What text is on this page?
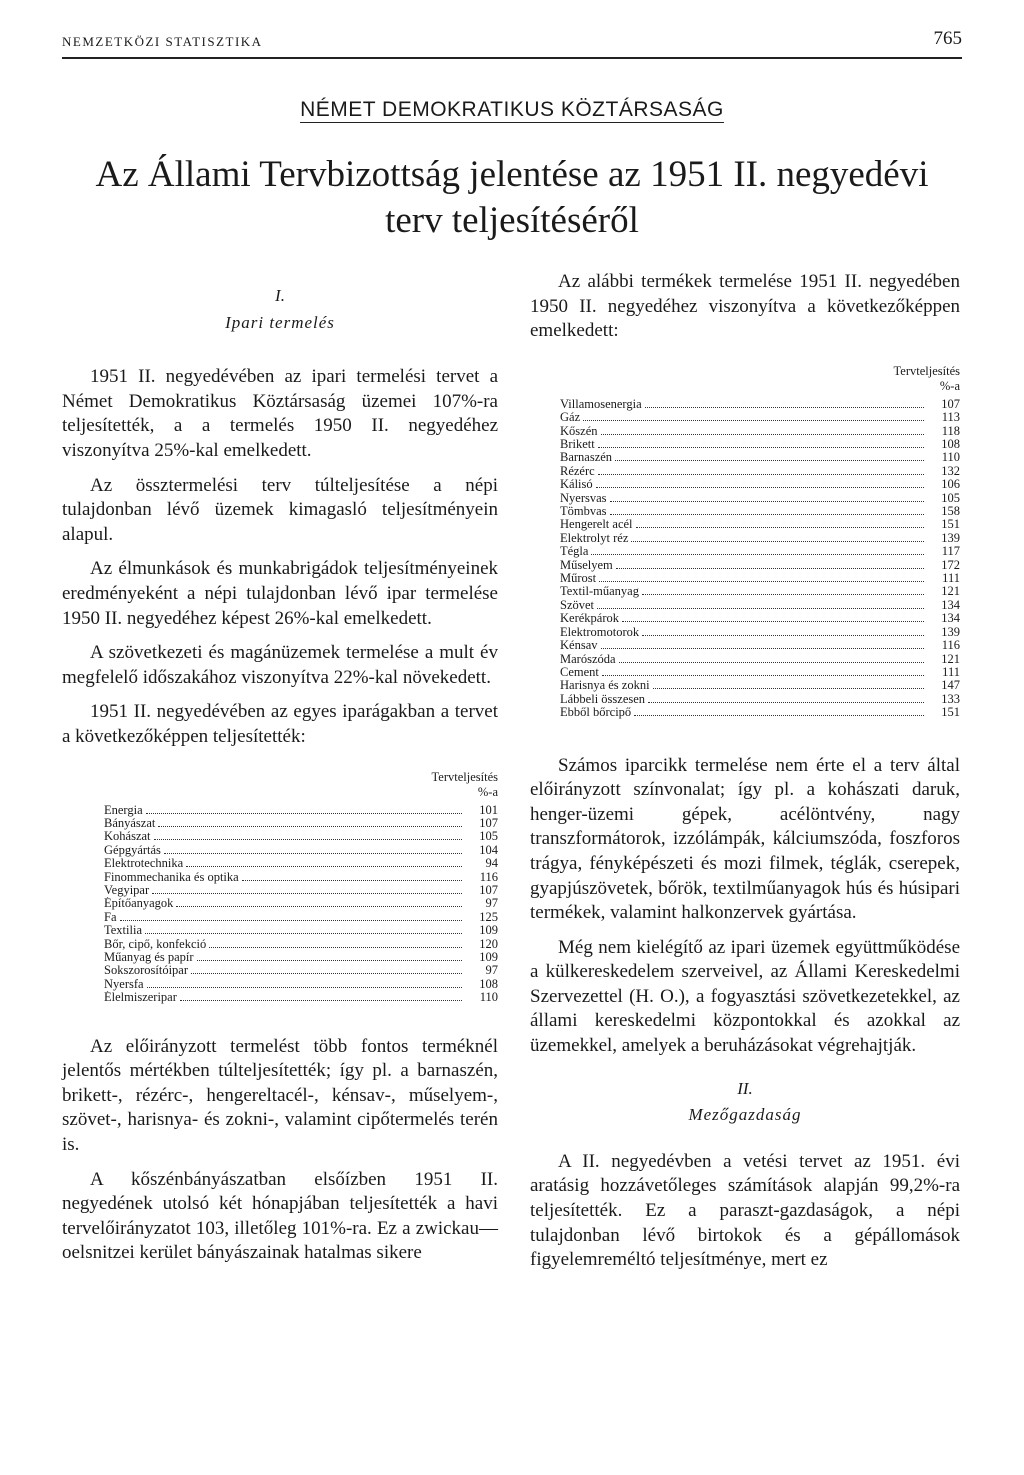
NEMZETKÖZI STATISZTIKA	765
NÉMET DEMOKRATIKUS KÖZTÁRSASÁG
Az Állami Tervbizottság jelentése az 1951 II. negyedévi
terv teljesítéséről
I.
Ipari termelés

1951 II. negyedévében az ipari termelési tervet a Német Demokratikus Köztársaság üzemei 107%-ra teljesítették, a a termelés 1950 II. negyedéhez viszonyítva 25%-kal emelkedett.

Az össztermelési terv túlteljesítése a népi tulajdonban lévő üzemek kimagasló teljesítményein alapul.

Az élmunkások és munkabrigádok teljesítményeinek eredményeként a népi tulajdonban lévő ipar termelése 1950 II. negyedéhez képest 26%-kal emelkedett.

A szövetkezeti és magánüzemek termelése a mult év megfelelő időszakához viszonyítva 22%-kal növekedett.

1951 II. negyedévében az egyes iparágakban a tervet a következőképpen teljesítették:

Tervteljesítés
%-a
Energia	101
Bányászat	107
Kohászat	105
Gépgyártás	104
Elektrotechnika	94
Finommechanika és optika	116
Vegyipar	107
Építőanyagok	97
Fa	125
Textilia	109
Bőr, cipő, konfekció	120
Műanyag és papír	109
Sokszorosítóipar	97
Nyersfa	108
Élelmiszeripar	110

Az előirányzott termelést több fontos terméknél jelentős mértékben túlteljesítették; így pl. a barnaszén, brikett-, rézérc-, hengereltacél-, kénsav-, műselyem-, szövet-, harisnya- és zokni-, valamint cipőtermelés terén is.

A kőszénbányászatban elsőízben 1951 II. negyedének utolsó két hónapjában teljesítették a havi tervelőirányzatot 103, illetőleg 101%-ra. Ez a zwickau—oelsnitzei kerület bányászainak hatalmas sikere

Az alábbi termékek termelése 1951 II. negyedében 1950 II. negyedéhez viszonyítva a következőképpen emelkedett:

Tervteljesítés
%-a
Villamosenergia	107
Gáz	113
Kőszén	118
Brikett	108
Barnaszén	110
Rézérc	132
Kálisó	106
Nyersvas	105
Tömbvas	158
Hengerelt acél	151
Elektrolyt réz	139
Tégla	117
Műselyem	172
Műrost	111
Textil-műanyag	121
Szövet	134
Kerékpárok	134
Elektromotorok	139
Kénsav	116
Marószóda	121
Cement	111
Harisnya és zokni	147
Lábbeli összesen	133
Ebből bőrcipő	151

Számos iparcikk termelése nem érte el a terv által előirányzott színvonalat; így pl. a kohászati daruk, henger-üzemi gépek, acélöntvény, nagy transzformátorok, izzólámpák, kálciumszóda, foszforos trágya, fényképészeti és mozi filmek, téglák, cserepek, gyapjúszövetek, bőrök, textilműanyagok hús és húsipari termékek, valamint halkonzervek gyártása.

Még nem kielégítő az ipari üzemek együttműködése a külkereskedelem szerveivel, az Állami Kereskedelmi Szervezettel (H. O.), a fogyasztási szövetkezetekkel, az állami kereskedelmi központokkal és azokkal az üzemekkel, amelyek a beruházásokat végrehajtják.

II.
Mezőgazdaság

A II. negyedévben a vetési tervet az 1951. évi aratásig hozzávetőleges számítások alapján 99,2%-ra teljesítették. Ez a paraszt-gazdaságok, a népi tulajdonban lévő birtokok és a gépállomások figyelemreméltó teljesítménye, mert ez
